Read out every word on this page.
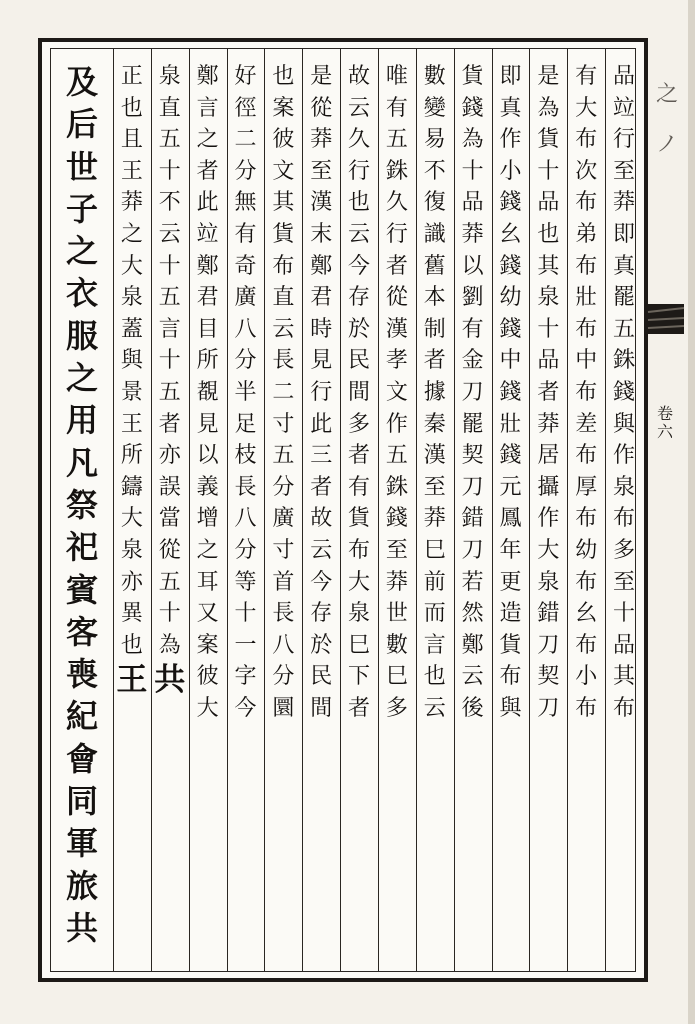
及
后
世
子
之
衣
服
之
用
凡
祭
祀
賓
客
喪
紀
會
同
軍
旅
共
正
也
且
王
莽
之
大
泉
蓋
與
景
王
所
鑄
大
泉
亦
異
也
王
泉
直
五
十
不
云
十
五
言
十
五
者
亦
誤
當
從
五
十
為
共
鄭
言
之
者
此
竝
鄭
君
目
所
覩
見
以
義
增
之
耳
又
案
彼
大
好
徑
二
分
無
有
奇
廣
八
分
半
足
枝
長
八
分
等
十
一
字
今
也
案
彼
文
其
貨
布
直
云
長
二
寸
五
分
廣
寸
首
長
八
分
圜
是
從
莽
至
漢
末
鄭
君
時
見
行
此
三
者
故
云
今
存
於
民
間
故
云
久
行
也
云
今
存
於
民
間
多
者
有
貨
布
大
泉
巳
下
者
唯
有
五
銖
久
行
者
從
漢
孝
文
作
五
銖
錢
至
莽
世
數
巳
多
數
變
易
不
復
識
舊
本
制
者
據
秦
漢
至
莽
巳
前
而
言
也
云
貨
錢
為
十
品
莽
以
劉
有
金
刀
罷
契
刀
錯
刀
若
然
鄭
云
後
即
真
作
小
錢
幺
錢
幼
錢
中
錢
壯
錢
元
鳳
年
更
造
貨
布
與
是
為
貨
十
品
也
其
泉
十
品
者
莽
居
攝
作
大
泉
錯
刀
契
刀
有
大
布
次
布
弟
布
壯
布
中
布
差
布
厚
布
幼
布
幺
布
小
布
品
竝
行
至
莽
即
真
罷
五
銖
錢
與
作
泉
布
多
至
十
品
其
布
之
ノ
卷
六
